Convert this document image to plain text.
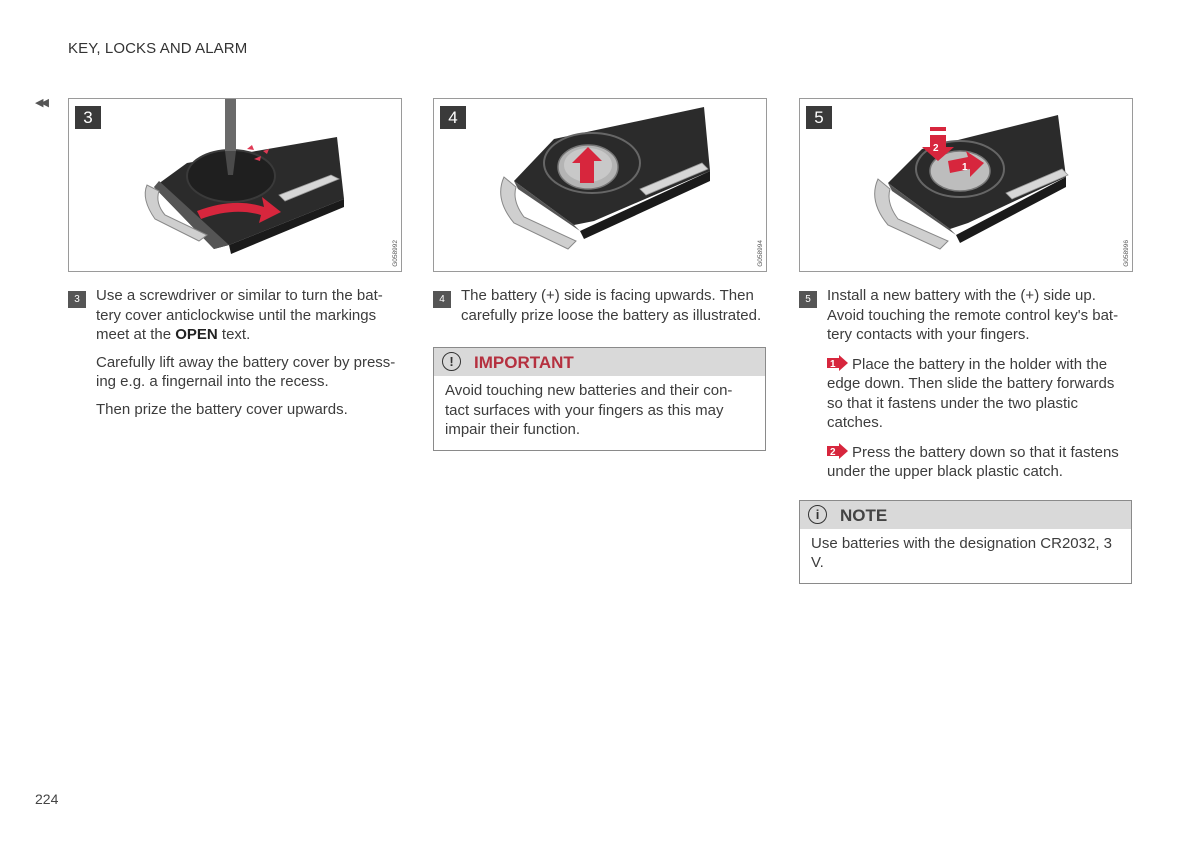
KEY, LOCKS AND ALARM
◀◀
3
G058992
3	Use a screwdriver or similar to turn the bat-tery cover anticlockwise until the markings meet at the OPEN text.

Carefully lift away the battery cover by press-ing e.g. a fingernail into the recess.

Then prize the battery cover upwards.

4
G058994
4	The battery (+) side is facing upwards. Then carefully prize loose the battery as illustrated.

!	IMPORTANT
Avoid touching new batteries and their con-tact surfaces with your fingers as this may impair their function.
2
1
5
G058996
5	Install a new battery with the (+) side up. Avoid touching the remote control key's bat-tery contacts with your fingers.

1 Place the battery in the holder with the edge down. Then slide the battery forwards so that it fastens under the two plastic catches.

2 Press the battery down so that it fastens under the upper black plastic catch.

i	NOTE
Use batteries with the designation CR2032, 3 V.
224
